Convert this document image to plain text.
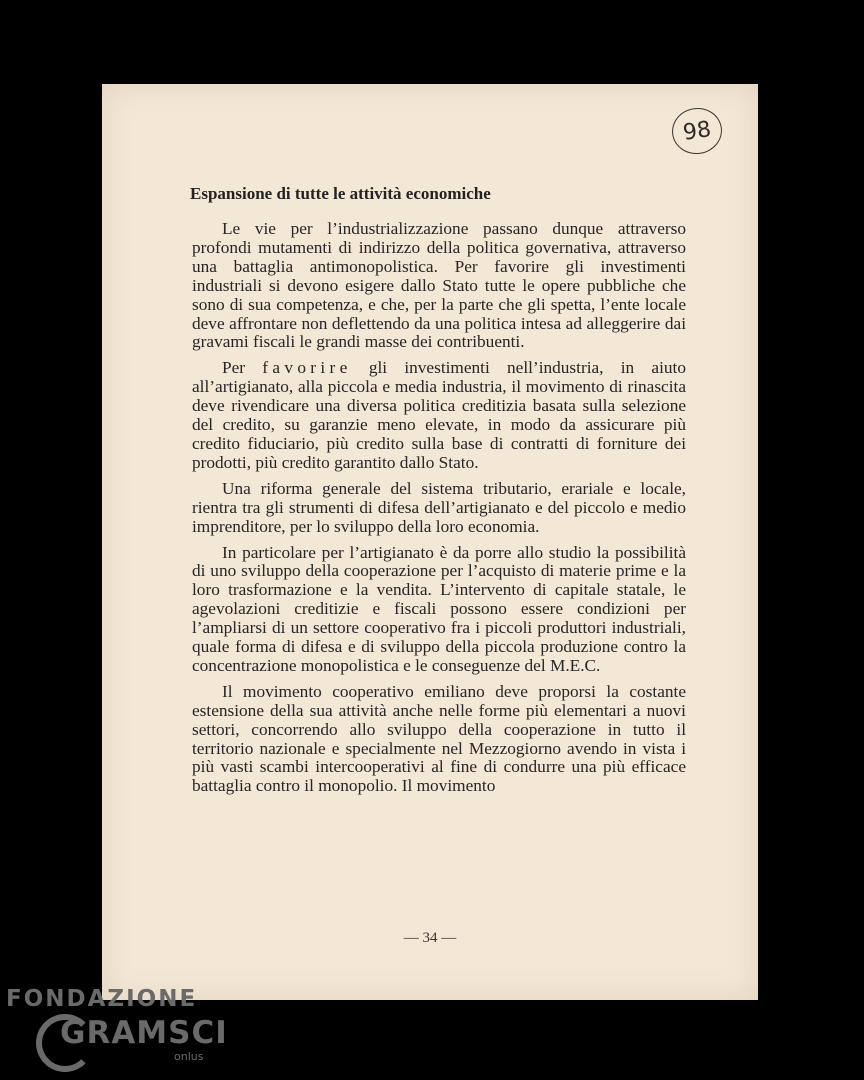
98
Espansione di tutte le attività economiche

Le vie per l’industrializzazione passano dunque attraverso profondi mutamenti di indirizzo della politica governativa, attraverso una battaglia antimonopolistica. Per favorire gli investimenti industriali si devono esigere dallo Stato tutte le opere pubbliche che sono di sua competenza, e che, per la parte che gli spetta, l’ente locale deve affrontare non deflettendo da una politica intesa ad alleggerire dai gravami fiscali le grandi masse dei contribuenti.

Per favorire gli investimenti nell’industria, in aiuto all’artigianato, alla piccola e media industria, il movimento di rinascita deve rivendicare una diversa politica creditizia basata sulla selezione del credito, su garanzie meno elevate, in modo da assicurare più credito fiduciario, più credito sulla base di contratti di forniture dei prodotti, più credito garantito dallo Stato.

Una riforma generale del sistema tributario, erariale e locale, rientra tra gli strumenti di difesa dell’artigianato e del piccolo e medio imprenditore, per lo sviluppo della loro economia.

In particolare per l’artigianato è da porre allo studio la possibilità di uno sviluppo della cooperazione per l’acquisto di materie prime e la loro trasformazione e la vendita. L’intervento di capitale statale, le agevolazioni creditizie e fiscali possono essere condizioni per l’ampliarsi di un settore cooperativo fra i piccoli produttori industriali, quale forma di difesa e di sviluppo della piccola produzione contro la concentrazione monopolistica e le conseguenze del M.E.C.

Il movimento cooperativo emiliano deve proporsi la costante estensione della sua attività anche nelle forme più elementari a nuovi settori, concorrendo allo sviluppo della cooperazione in tutto il territorio nazionale e specialmente nel Mezzogiorno avendo in vista i più vasti scambi intercooperativi al fine di condurre una più efficace battaglia contro il monopolio. Il movimento

— 34 —
FONDAZIONE
GRAMSCI
onlus
